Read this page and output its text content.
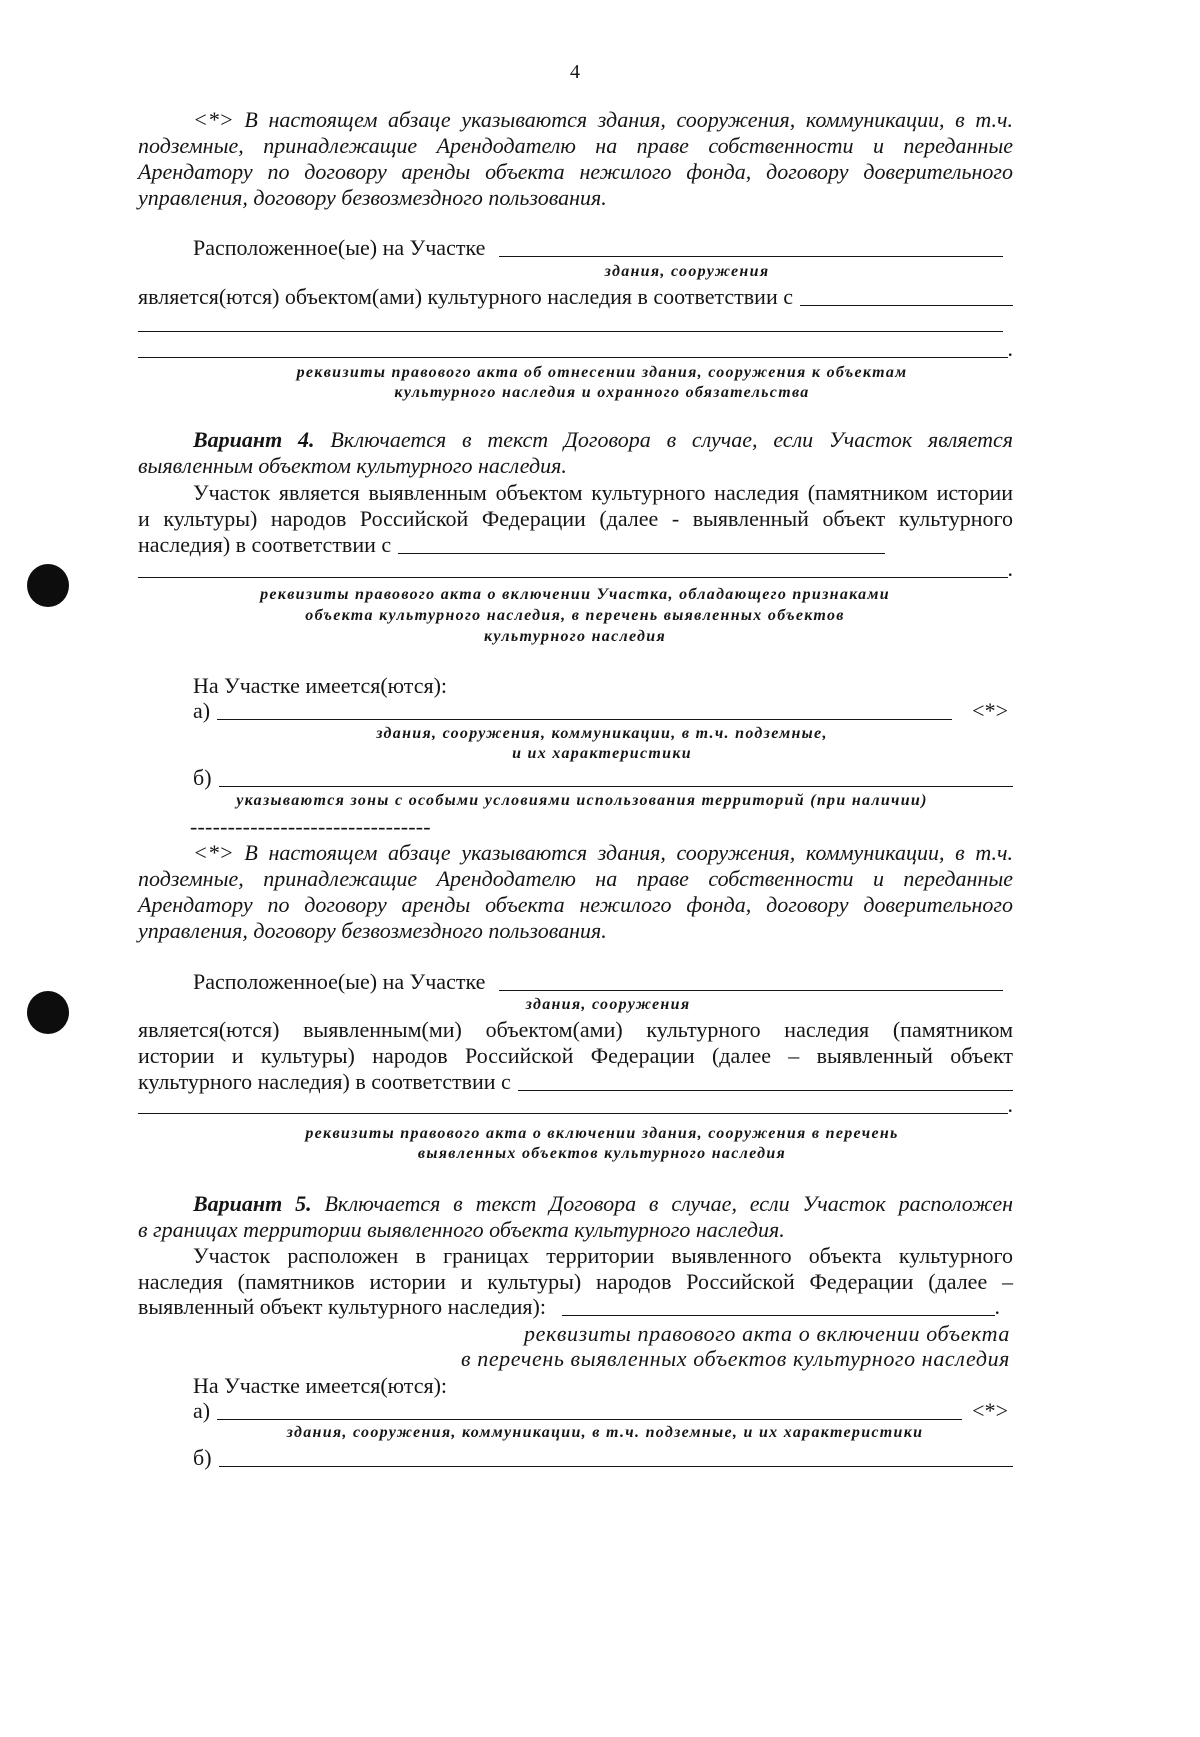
4
<*> В настоящем абзаце указываются здания, сооружения, коммуникации, в т.ч.
подземные, принадлежащие Арендодателю на праве собственности и переданные
Арендатору по договору аренды объекта нежилого фонда, договору доверительного
управления, договору безвозмездного пользования.
Расположенное(ые) на Участке
здания, сооружения
является(ются) объектом(ами) культурного наследия в соответствии с
.
реквизиты правового акта об отнесении здания, сооружения к объектам
культурного наследия и охранного обязательства
Вариант 4. Включается в текст Договора в случае, если Участок является
выявленным объектом культурного наследия.
Участок является выявленным объектом культурного наследия (памятником истории
и культуры) народов Российской Федерации (далее - выявленный объект культурного
наследия) в соответствии с
.
реквизиты правового акта о включении Участка, обладающего признаками
объекта культурного наследия, в перечень выявленных объектов
культурного наследия
На Участке имеется(ются):
а)	<*>
здания, сооружения, коммуникации, в т.ч. подземные,
и их характеристики
б)
указываются зоны с особыми условиями использования территорий (при наличии)
--------------------------------
<*> В настоящем абзаце указываются здания, сооружения, коммуникации, в т.ч.
подземные, принадлежащие Арендодателю на праве собственности и переданные
Арендатору по договору аренды объекта нежилого фонда, договору доверительного
управления, договору безвозмездного пользования.
Расположенное(ые) на Участке
здания, сооружения
является(ются) выявленным(ми) объектом(ами) культурного наследия (памятником
истории и культуры) народов Российской Федерации (далее – выявленный объект
культурного наследия) в соответствии с
.
реквизиты правового акта о включении здания, сооружения в перечень
выявленных объектов культурного наследия
Вариант 5. Включается в текст Договора в случае, если Участок расположен
в границах территории выявленного объекта культурного наследия.
Участок расположен в границах территории выявленного объекта культурного
наследия (памятников истории и культуры) народов Российской Федерации (далее –
выявленный объект культурного наследия):	.
реквизиты правового акта о включении объекта
в перечень выявленных объектов культурного наследия
На Участке имеется(ются):
а)	<*>
здания, сооружения, коммуникации, в т.ч. подземные, и их характеристики
б)
